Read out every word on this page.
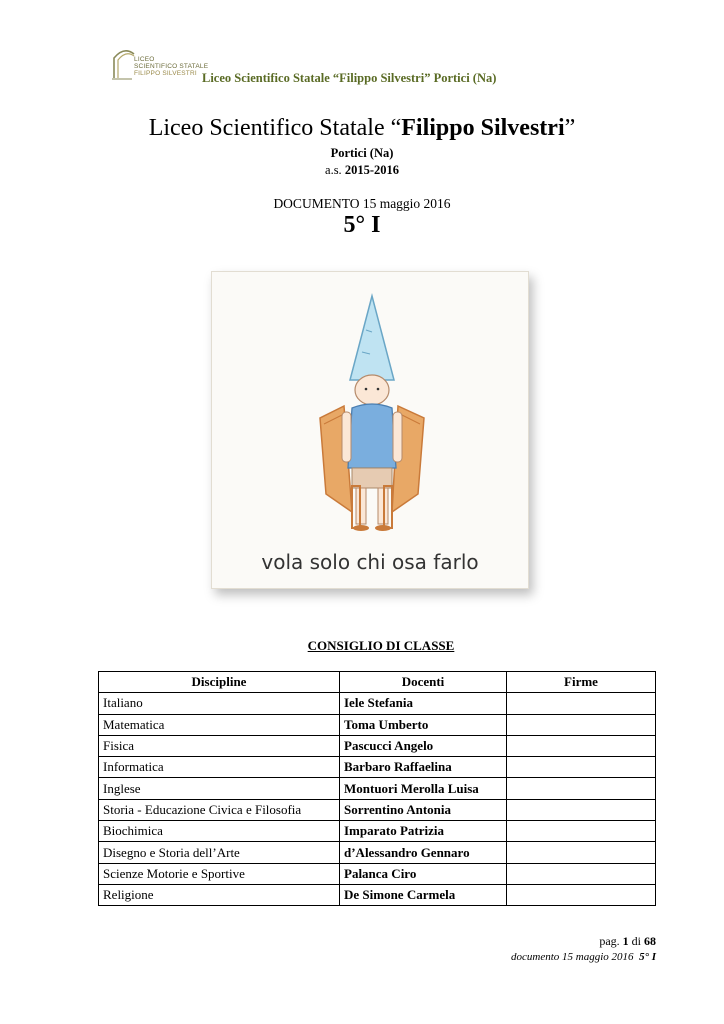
LICEO
SCIENTIFICO STATALE
FILIPPO SILVESTRI Liceo Scientifico Statale “Filippo Silvestri” Portici (Na)
Liceo Scientifico Statale “Filippo Silvestri”
Portici (Na)
a.s. 2015-2016
DOCUMENTO 15 maggio 2016
5° I
vola solo chi osa farlo
CONSIGLIO DI CLASSE
Discipline	Docenti	Firme
Italiano	Iele Stefania	
Matematica	Toma Umberto	
Fisica	Pascucci Angelo	
Informatica	Barbaro Raffaelina	
Inglese	Montuori Merolla Luisa	
Storia - Educazione Civica e Filosofia	Sorrentino Antonia	
Biochimica	Imparato Patrizia	
Disegno e Storia dell’Arte	d’Alessandro Gennaro	
Scienze Motorie e Sportive	Palanca Ciro	
Religione	De Simone Carmela	
pag. 1 di 68
documento 15 maggio 2016 5° I
